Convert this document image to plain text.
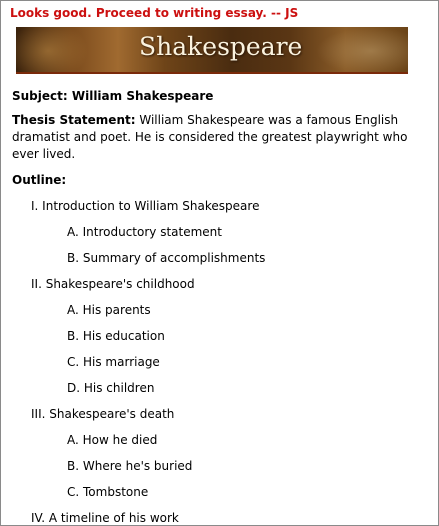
Looks good. Proceed to writing essay. -- JS
Shakespeare
Subject: William Shakespeare
Thesis Statement: William Shakespeare was a famous English dramatist and poet. He is considered the greatest playwright who ever lived.
Outline:
I. Introduction to William Shakespeare
A. Introductory statement
B. Summary of accomplishments
II. Shakespeare's childhood
A. His parents
B. His education
C. His marriage
D. His children
III. Shakespeare's death
A. How he died
B. Where he's buried
C. Tombstone
IV. A timeline of his work
